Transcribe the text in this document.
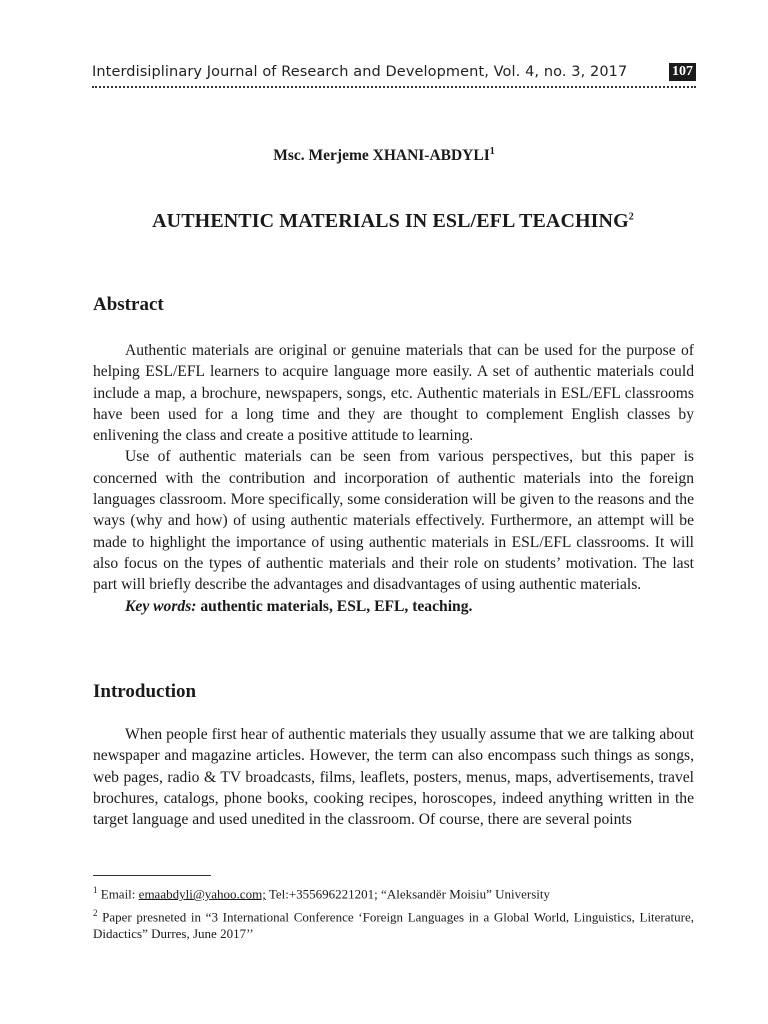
Interdisiplinary Journal of Research and Development, Vol. 4, no. 3, 2017	107
Msc. Merjeme XHANI-ABDYLI$^1$
AUTHENTIC MATERIALS IN ESL/EFL TEACHING$^2$
Abstract

Authentic materials are original or genuine materials that can be used for the purpose of helping ESL/EFL learners to acquire language more easily. A set of authentic materials could include a map, a brochure, newspapers, songs, etc. Authentic materials in ESL/EFL classrooms have been used for a long time and they are thought to complement English classes by enlivening the class and create a positive attitude to learning.

Use of authentic materials can be seen from various perspectives, but this paper is concerned with the contribution and incorporation of authentic materials into the foreign languages classroom. More specifically, some consideration will be given to the reasons and the ways (why and how) of using authentic materials effectively. Furthermore, an attempt will be made to highlight the importance of using authentic materials in ESL/EFL classrooms. It will also focus on the types of authentic materials and their role on students’ motivation. The last part will briefly describe the advantages and disadvantages of using authentic materials.

Key words: authentic materials, ESL, EFL, teaching.

Introduction

When people first hear of authentic materials they usually assume that we are talking about newspaper and magazine articles. However, the term can also encompass such things as songs, web pages, radio & TV broadcasts, films, leaflets, posters, menus, maps, advertisements, travel brochures, catalogs, phone books, cooking recipes, horoscopes, indeed anything written in the target language and used unedited in the classroom. Of course, there are several points

$^1$ Email: emaabdyli@yahoo.com; Tel:+355696221201; “Aleksandër Moisiu” University

$^2$ Paper presneted in “3 International Conference ‘Foreign Languages in a Global World, Linguistics, Literature, Didactics” Durres, June 2017’’
